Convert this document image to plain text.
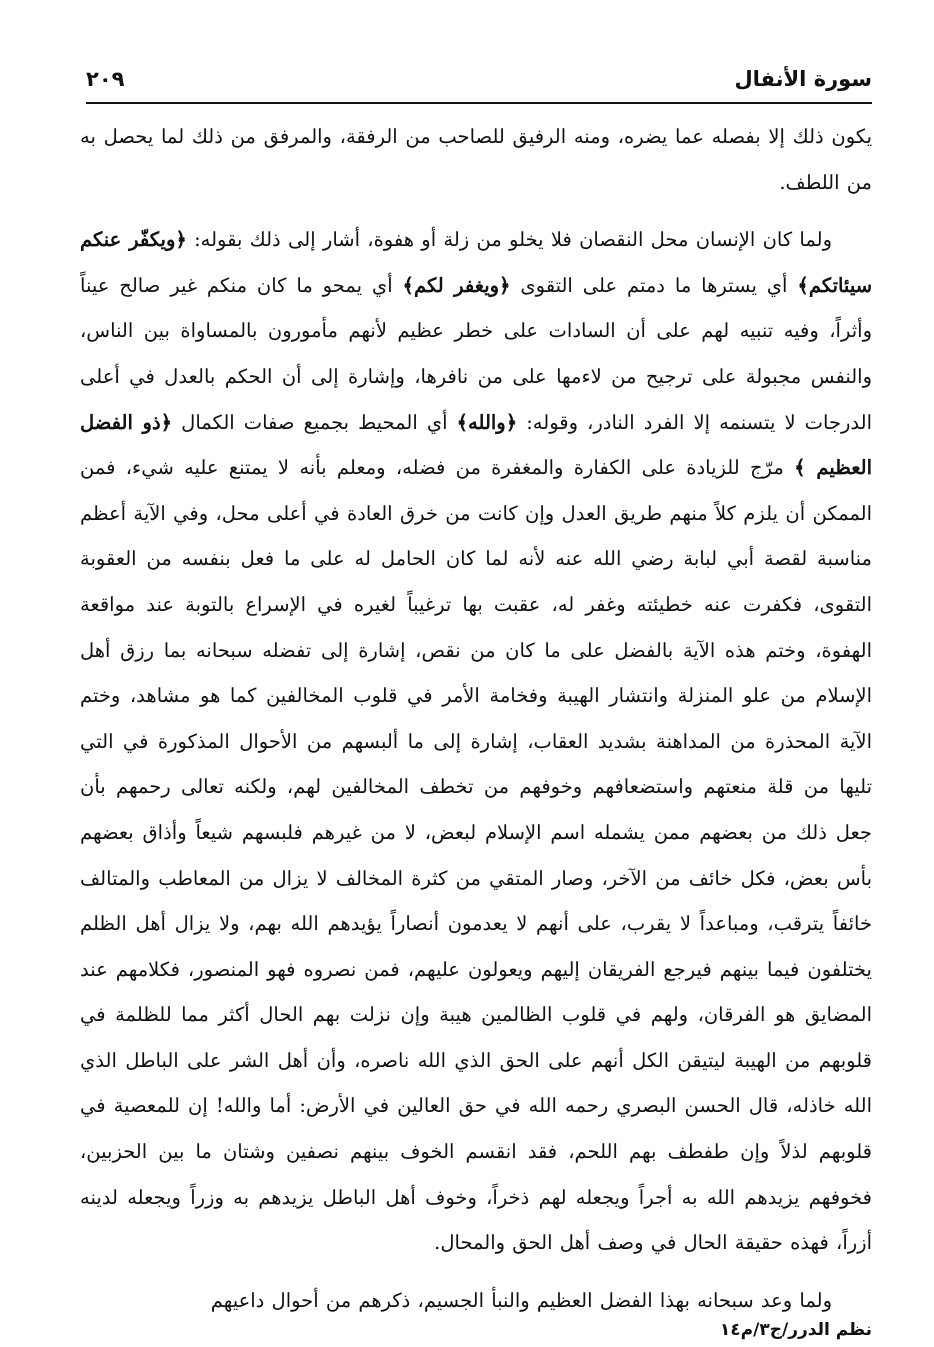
سورة الأنفال
٢٠٩

يكون ذلك إلا بفصله عما يضره، ومنه الرفيق للصاحب من الرفقة، والمرفق من ذلك لما يحصل به من اللطف.

ولما كان الإنسان محل النقصان فلا يخلو من زلة أو هفوة، أشار إلى ذلك بقوله: ﴿ويكفّر عنكم سيئاتكم﴾ أي يسترها ما دمتم على التقوى ﴿ويغفر لكم﴾ أي يمحو ما كان منكم غير صالح عيناً وأثراً، وفيه تنبيه لهم على أن السادات على خطر عظيم لأنهم مأمورون بالمساواة بين الناس، والنفس مجبولة على ترجيح من لاءمها على من نافرها، وإشارة إلى أن الحكم بالعدل في أعلى الدرجات لا يتسنمه إلا الفرد النادر، وقوله: ﴿والله﴾ أي المحيط بجميع صفات الكمال ﴿ذو الفضل العظيم ﴾ مرّج للزيادة على الكفارة والمغفرة من فضله، ومعلم بأنه لا يمتنع عليه شيء، فمن الممكن أن يلزم كلاً منهم طريق العدل وإن كانت من خرق العادة في أعلى محل، وفي الآية أعظم مناسبة لقصة أبي لبابة رضي الله عنه لأنه لما كان الحامل له على ما فعل بنفسه من العقوبة التقوى، فكفرت عنه خطيئته وغفر له، عقبت بها ترغيباً لغيره في الإسراع بالتوبة عند مواقعة الهفوة، وختم هذه الآية بالفضل على ما كان من نقص، إشارة إلى تفضله سبحانه بما رزق أهل الإسلام من علو المنزلة وانتشار الهيبة وفخامة الأمر في قلوب المخالفين كما هو مشاهد، وختم الآية المحذرة من المداهنة بشديد العقاب، إشارة إلى ما ألبسهم من الأحوال المذكورة في التي تليها من قلة منعتهم واستضعافهم وخوفهم من تخطف المخالفين لهم، ولكنه تعالى رحمهم بأن جعل ذلك من بعضهم ممن يشمله اسم الإسلام لبعض، لا من غيرهم فلبسهم شيعاً وأذاق بعضهم بأس بعض، فكل خائف من الآخر، وصار المتقي من كثرة المخالف لا يزال من المعاطب والمتالف خائفاً يترقب، ومباعداً لا يقرب، على أنهم لا يعدمون أنصاراً يؤيدهم الله بهم، ولا يزال أهل الظلم يختلفون فيما بينهم فيرجع الفريقان إليهم ويعولون عليهم، فمن نصروه فهو المنصور، فكلامهم عند المضايق هو الفرقان، ولهم في قلوب الظالمين هيبة وإن نزلت بهم الحال أكثر مما للظلمة في قلوبهم من الهيبة ليتيقن الكل أنهم على الحق الذي الله ناصره، وأن أهل الشر على الباطل الذي الله خاذله، قال الحسن البصري رحمه الله في حق العالين في الأرض: أما والله! إن للمعصية في قلوبهم لذلاً وإن طفطف بهم اللحم، فقد انقسم الخوف بينهم نصفين وشتان ما بين الحزبين، فخوفهم يزيدهم الله به أجراً ويجعله لهم ذخراً، وخوف أهل الباطل يزيدهم به وزراً ويجعله لدينه أزراً، فهذه حقيقة الحال في وصف أهل الحق والمحال.

ولما وعد سبحانه بهذا الفضل العظيم والنبأ الجسيم، ذكرهم من أحوال داعيهم

نظم الدرر/ج٣/م١٤
